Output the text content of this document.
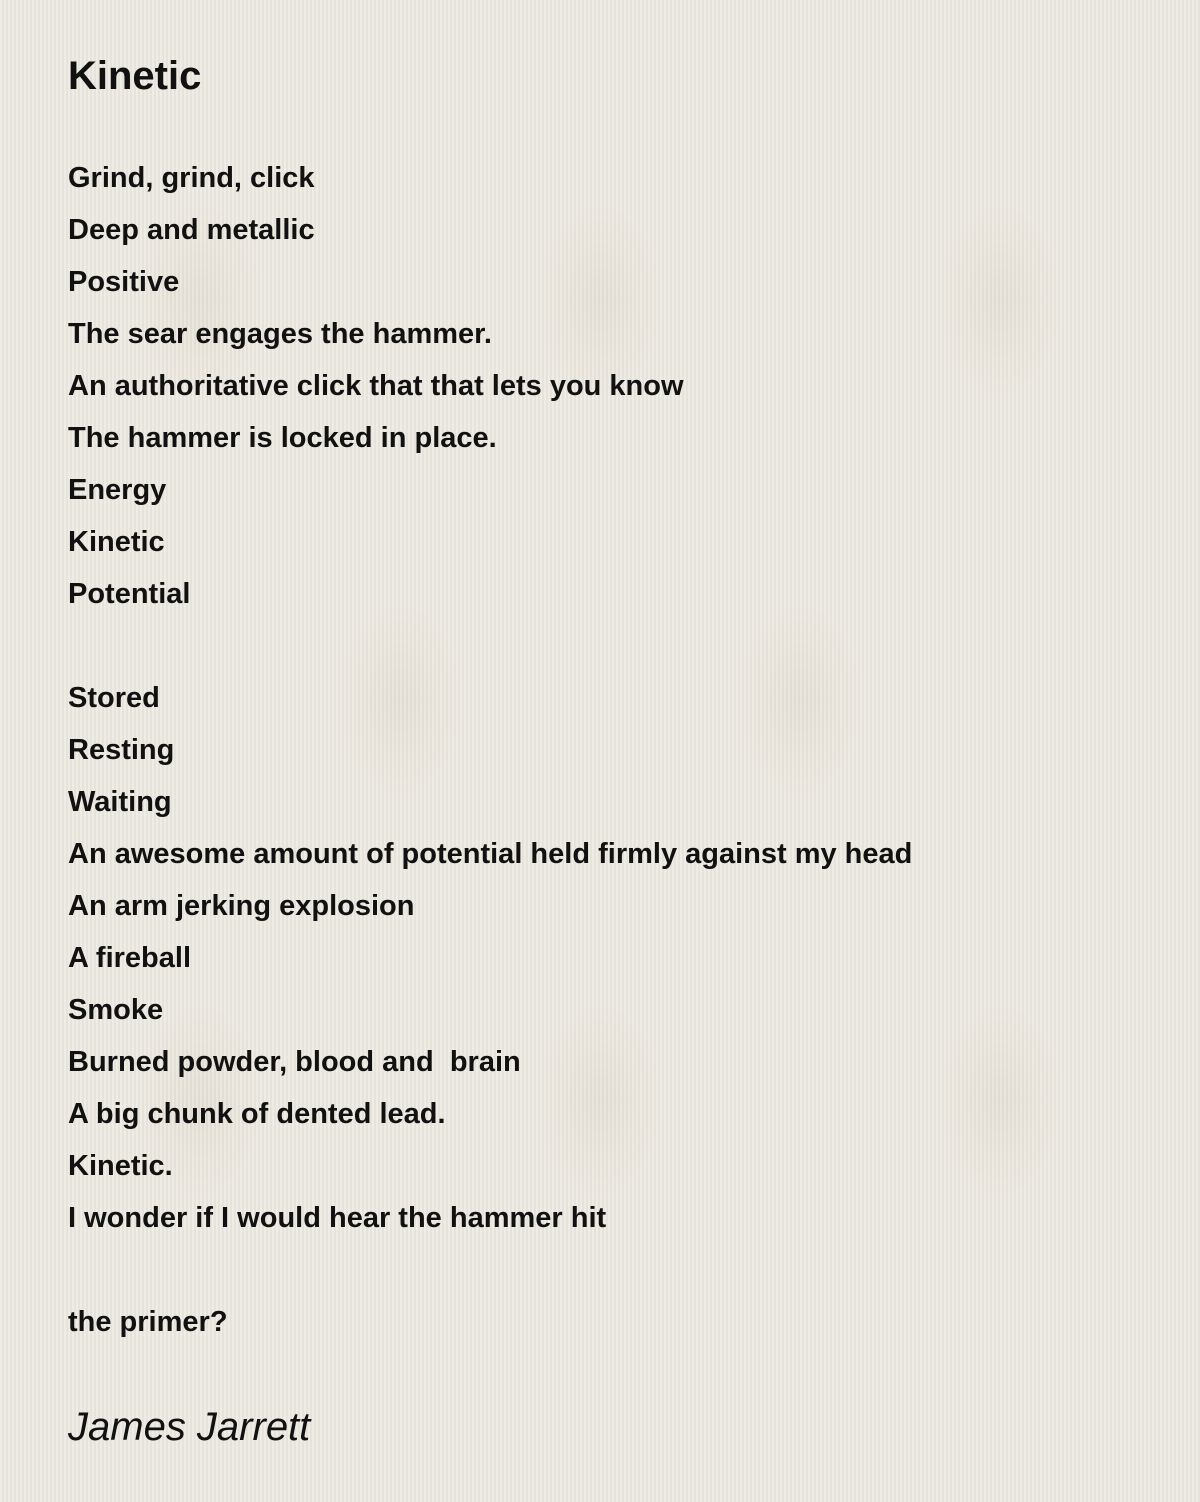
Kinetic
Grind, grind, click
Deep and metallic
Positive
The sear engages the hammer.
An authoritative click that that lets you know
The hammer is locked in place.
Energy
Kinetic
Potential
Stored
Resting
Waiting
An awesome amount of potential held firmly against my head
An arm jerking explosion
A fireball
Smoke
Burned powder, blood and  brain
A big chunk of dented lead.
Kinetic.
I wonder if I would hear the hammer hit
the primer?
James Jarrett
